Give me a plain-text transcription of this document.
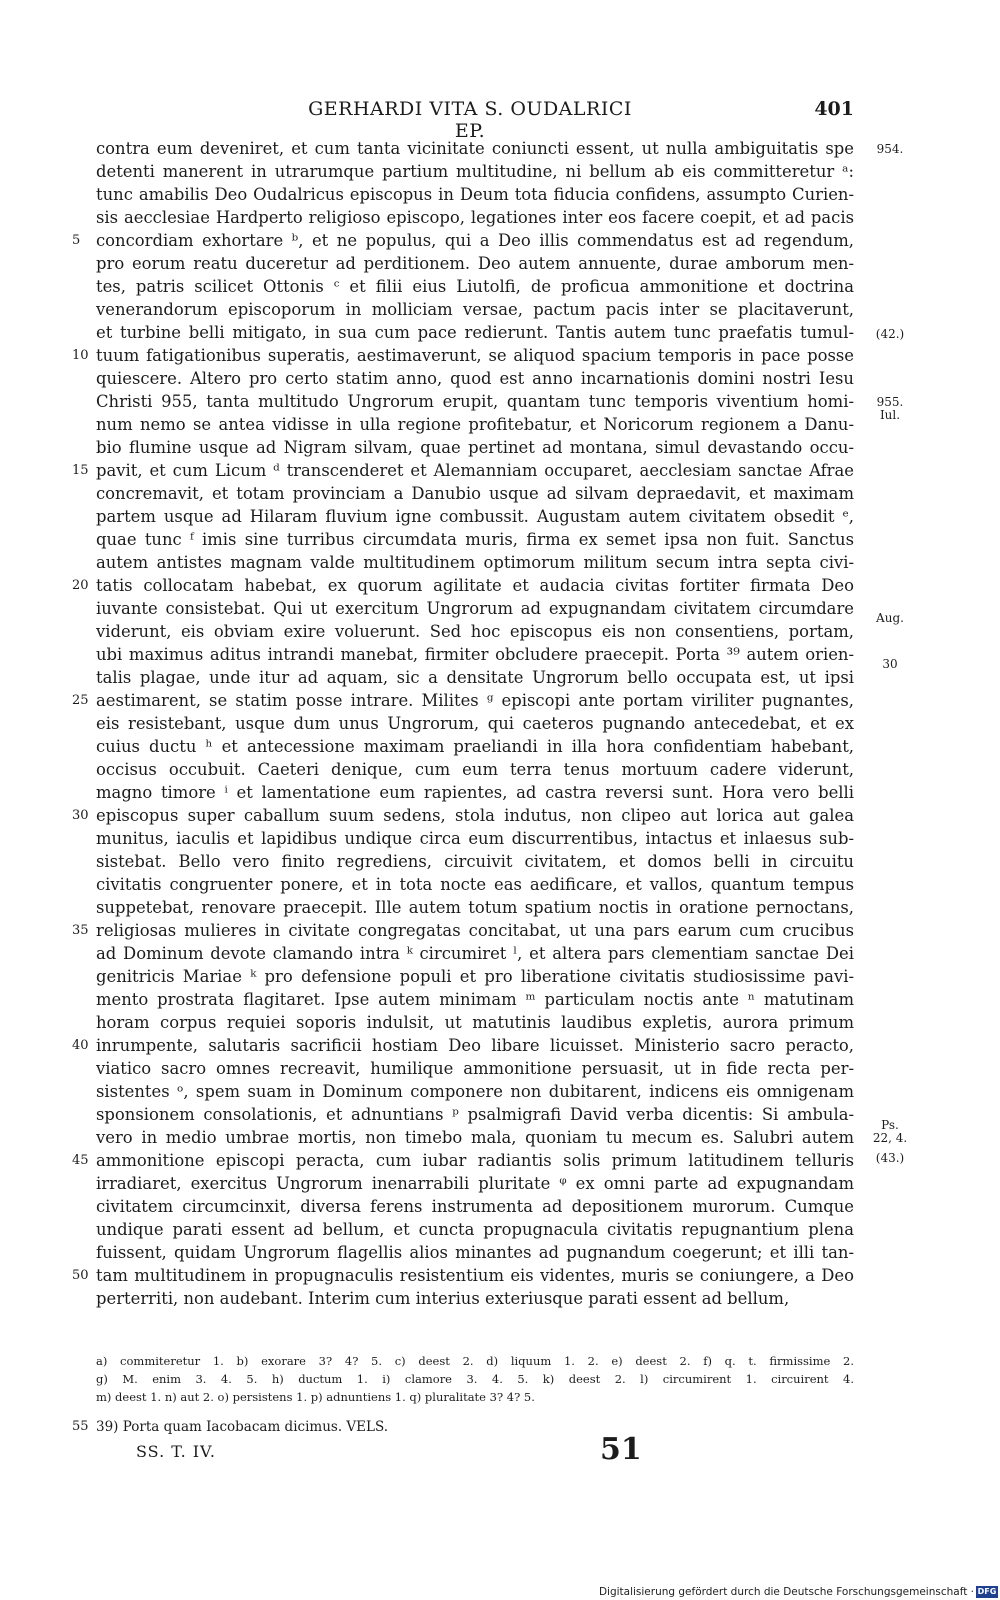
GERHARDI VITA S. OUDALRICI EP.
401
contra eum deveniret, et cum tanta vicinitate coniuncti essent, ut nulla ambiguitatis spe
detenti manerent in utrarumque partium multitudine, ni bellum ab eis committeretur ᵃ:
tunc amabilis Deo Oudalricus episcopus in Deum tota fiducia confidens, assumpto Curien-
sis aecclesiae Hardperto religioso episcopo, legationes inter eos facere coepit, et ad pacis
concordiam exhortare ᵇ, et ne populus, qui a Deo illis commendatus est ad regendum,
pro eorum reatu duceretur ad perditionem. Deo autem annuente, durae amborum men-
tes, patris scilicet Ottonis ᶜ et filii eius Liutolfi, de proficua ammonitione et doctrina
venerandorum episcoporum in molliciam versae, pactum pacis inter se placitaverunt,
et turbine belli mitigato, in sua cum pace redierunt. Tantis autem tunc praefatis tumul-
tuum fatigationibus superatis, aestimaverunt, se aliquod spacium temporis in pace posse
quiescere. Altero pro certo statim anno, quod est anno incarnationis domini nostri Iesu
Christi 955, tanta multitudo Ungrorum erupit, quantam tunc temporis viventium homi-
num nemo se antea vidisse in ulla regione profitebatur, et Noricorum regionem a Danu-
bio flumine usque ad Nigram silvam, quae pertinet ad montana, simul devastando occu-
pavit, et cum Licum ᵈ transcenderet et Alemanniam occuparet, aecclesiam sanctae Afrae
concremavit, et totam provinciam a Danubio usque ad silvam depraedavit, et maximam
partem usque ad Hilaram fluvium igne combussit. Augustam autem civitatem obsedit ᵉ,
quae tunc ᶠ imis sine turribus circumdata muris, firma ex semet ipsa non fuit. Sanctus
autem antistes magnam valde multitudinem optimorum militum secum intra septa civi-
tatis collocatam habebat, ex quorum agilitate et audacia civitas fortiter firmata Deo
iuvante consistebat. Qui ut exercitum Ungrorum ad expugnandam civitatem circumdare
viderunt, eis obviam exire voluerunt. Sed hoc episcopus eis non consentiens, portam,
ubi maximus aditus intrandi manebat, firmiter obcludere praecepit. Porta ³⁹ autem orien-
talis plagae, unde itur ad aquam, sic a densitate Ungrorum bello occupata est, ut ipsi
aestimarent, se statim posse intrare. Milites ᵍ episcopi ante portam viriliter pugnantes,
eis resistebant, usque dum unus Ungrorum, qui caeteros pugnando antecedebat, et ex
cuius ductu ʰ et antecessione maximam praeliandi in illa hora confidentiam habebant,
occisus occubuit. Caeteri denique, cum eum terra tenus mortuum cadere viderunt,
magno timore ⁱ et lamentatione eum rapientes, ad castra reversi sunt. Hora vero belli
episcopus super caballum suum sedens, stola indutus, non clipeo aut lorica aut galea
munitus, iaculis et lapidibus undique circa eum discurrentibus, intactus et inlaesus sub-
sistebat. Bello vero finito regrediens, circuivit civitatem, et domos belli in circuitu
civitatis congruenter ponere, et in tota nocte eas aedificare, et vallos, quantum tempus
suppetebat, renovare praecepit. Ille autem totum spatium noctis in oratione pernoctans,
religiosas mulieres in civitate congregatas concitabat, ut una pars earum cum crucibus
ad Dominum devote clamando intra ᵏ circumiret ˡ, et altera pars clementiam sanctae Dei
genitricis Mariae ᵏ pro defensione populi et pro liberatione civitatis studiosissime pavi-
mento prostrata flagitaret. Ipse autem minimam ᵐ particulam noctis ante ⁿ matutinam
horam corpus requiei soporis indulsit, ut matutinis laudibus expletis, aurora primum
inrumpente, salutaris sacrificii hostiam Deo libare licuisset. Ministerio sacro peracto,
viatico sacro omnes recreavit, humilique ammonitione persuasit, ut in fide recta per-
sistentes ᵒ, spem suam in Dominum componere non dubitarent, indicens eis omnigenam
sponsionem consolationis, et adnuntians ᵖ psalmigrafi David verba dicentis: Si ambula-
vero in medio umbrae mortis, non timebo mala, quoniam tu mecum es. Salubri autem
ammonitione episcopi peracta, cum iubar radiantis solis primum latitudinem telluris
irradiaret, exercitus Ungrorum inenarrabili pluritate ᵠ ex omni parte ad expugnandam
civitatem circumcinxit, diversa ferens instrumenta ad depositionem murorum. Cumque
undique parati essent ad bellum, et cuncta propugnacula civitatis repugnantium plena
fuissent, quidam Ungrorum flagellis alios minantes ad pugnandum coegerunt; et illi tan-
tam multitudinem in propugnaculis resistentium eis videntes, muris se coniungere, a Deo
perterriti, non audebant. Interim cum interius exteriusque parati essent ad bellum,
5
10
15
20
25
30
35
40
45
50
954.
(42.)
955.
Iul.
Aug.
30
Ps.
22, 4.
(43.)
a) commiteretur 1. b) exorare 3? 4? 5. c) deest 2. d) liquum 1. 2. e) deest 2. f) q. t. firmissime 2.
g) M. enim 3. 4. 5. h) ductum 1. i) clamore 3. 4. 5. k) deest 2. l) circumirent 1. circuirent 4.
m) deest 1. n) aut 2. o) persistens 1. p) adnuntiens 1. q) pluralitate 3? 4? 5.
55 39) Porta quam Iacobacam dicimus. VELS.
SS. T. IV.	51
Digitalisierung gefördert durch die Deutsche Forschungsgemeinschaft · DFG
